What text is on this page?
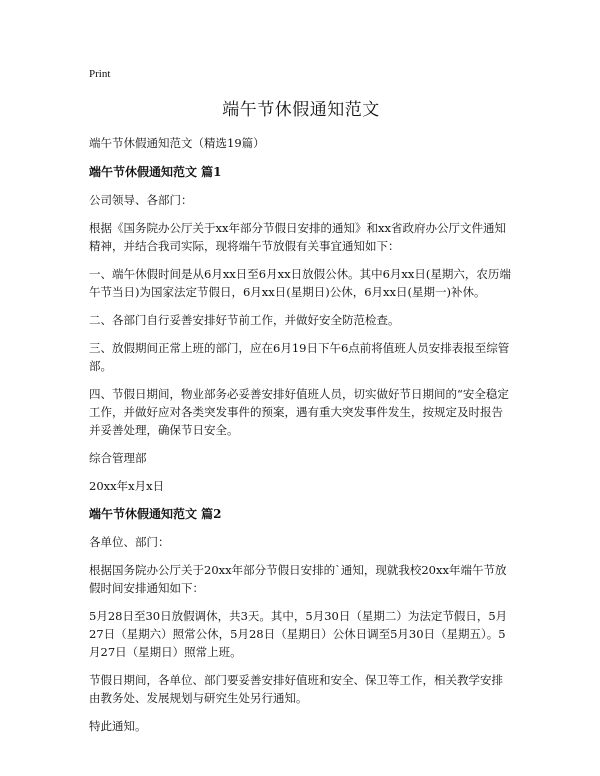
Print
端午节休假通知范文
端午节休假通知范文（精选19篇）
端午节休假通知范文 篇1

公司领导、各部门：

根据《国务院办公厅关于xx年部分节假日安排的通知》和xx省政府办公厅文件通知精神，并结合我司实际，现将端午节放假有关事宜通知如下：

一、端午休假时间是从6月xx日至6月xx日放假公休。其中6月xx日(星期六，农历端午节当日)为国家法定节假日，6月xx日(星期日)公休，6月xx日(星期一)补休。

二、各部门自行妥善安排好节前工作，并做好安全防范检查。

三、放假期间正常上班的部门，应在6月19日下午6点前将值班人员安排表报至综管部。

四、节假日期间，物业部务必妥善安排好值班人员，切实做好节日期间的“安全稳定工作，并做好应对各类突发事件的预案，遇有重大突发事件发生，按规定及时报告并妥善处理，确保节日安全。

综合管理部

20xx年x月x日

端午节休假通知范文 篇2

各单位、部门：

根据国务院办公厅关于20xx年部分节假日安排的`通知，现就我校20xx年端午节放假时间安排通知如下：

5月28日至30日放假调休，共3天。其中，5月30日（星期二）为法定节假日，5月27日（星期六）照常公休，5月28日（星期日）公休日调至5月30日（星期五）。5月27日（星期日）照常上班。

节假日期间，各单位、部门要妥善安排好值班和安全、保卫等工作，相关教学安排由教务处、发展规划与研究生处另行通知。

特此通知。
